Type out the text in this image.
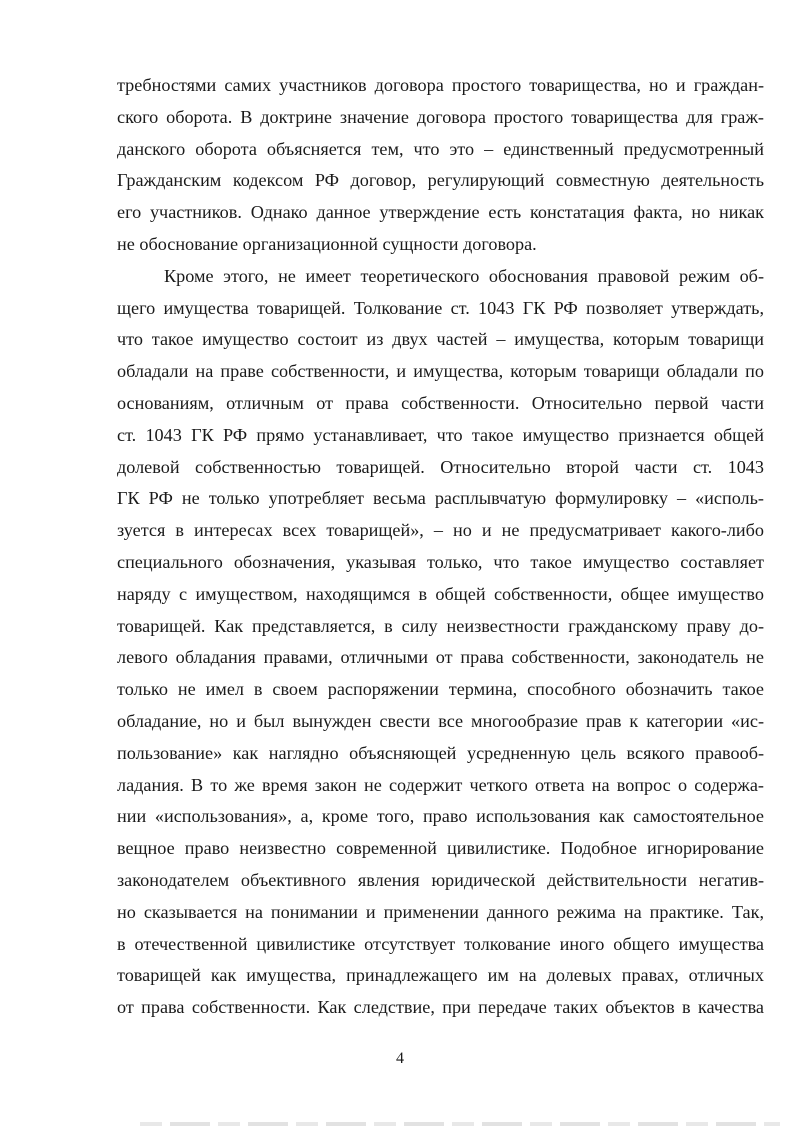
требностями самих участников договора простого товарищества, но и граждан-
ского оборота. В доктрине значение договора простого товарищества для граж-
данского оборота объясняется тем, что это – единственный предусмотренный
Гражданским кодексом РФ договор, регулирующий совместную деятельность
его участников. Однако данное утверждение есть констатация факта, но никак
не обоснование организационной сущности договора.
Кроме этого, не имеет теоретического обоснования правовой режим об-
щего имущества товарищей. Толкование ст. 1043 ГК РФ позволяет утверждать,
что такое имущество состоит из двух частей – имущества, которым товарищи
обладали на праве собственности, и имущества, которым товарищи обладали по
основаниям, отличным от права собственности. Относительно первой части
ст. 1043 ГК РФ прямо устанавливает, что такое имущество признается общей
долевой собственностью товарищей. Относительно второй части ст. 1043
ГК РФ не только употребляет весьма расплывчатую формулировку – «исполь-
зуется в интересах всех товарищей», – но и не предусматривает какого-либо
специального обозначения, указывая только, что такое имущество составляет
наряду с имуществом, находящимся в общей собственности, общее имущество
товарищей. Как представляется, в силу неизвестности гражданскому праву до-
левого обладания правами, отличными от права собственности, законодатель не
только не имел в своем распоряжении термина, способного обозначить такое
обладание, но и был вынужден свести все многообразие прав к категории «ис-
пользование» как наглядно объясняющей усредненную цель всякого правооб-
ладания. В то же время закон не содержит четкого ответа на вопрос о содержа-
нии «использования», а, кроме того, право использования как самостоятельное
вещное право неизвестно современной цивилистике. Подобное игнорирование
законодателем объективного явления юридической действительности негатив-
но сказывается на понимании и применении данного режима на практике. Так,
в отечественной цивилистике отсутствует толкование иного общего имущества
товарищей как имущества, принадлежащего им на долевых правах, отличных
от права собственности. Как следствие, при передаче таких объектов в качества
4
